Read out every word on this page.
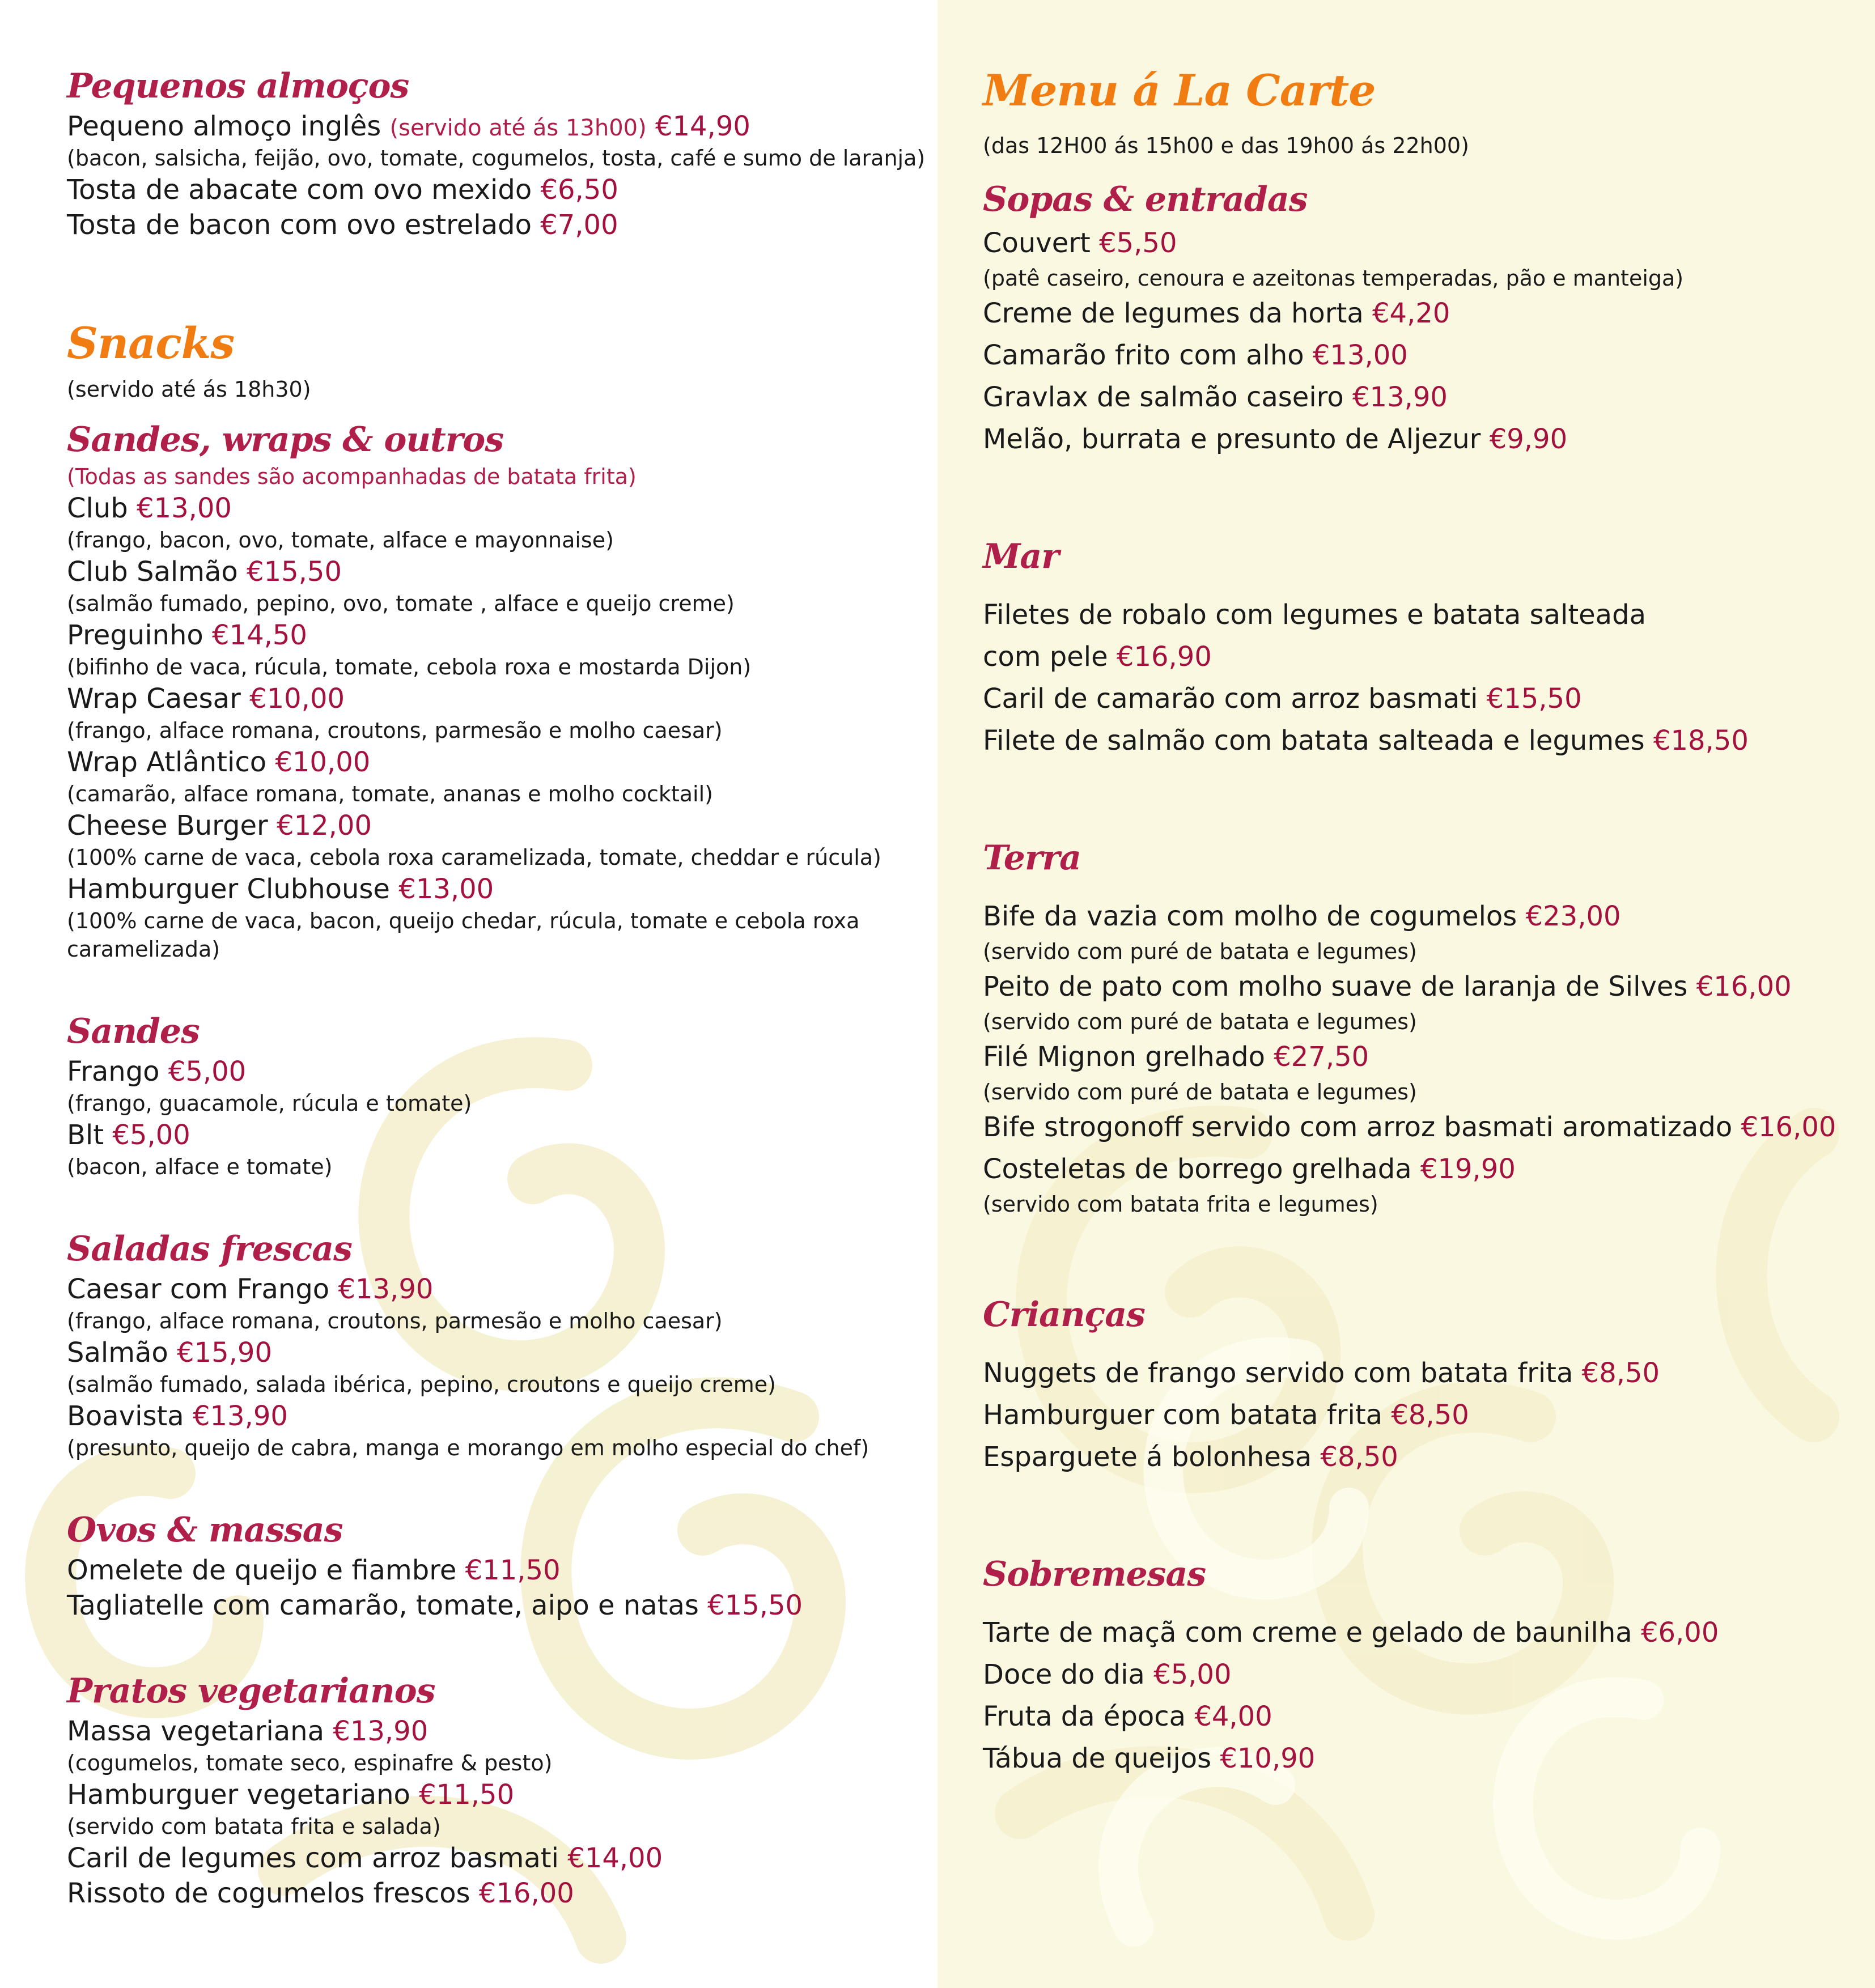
Pequenos almoços
Pequeno almoço inglês (servido até ás 13h00) €14,90
(bacon, salsicha, feijão, ovo, tomate, cogumelos, tosta, café e sumo de laranja)
Tosta de abacate com ovo mexido €6,50
Tosta de bacon com ovo estrelado €7,00
Snacks
(servido até ás 18h30)
Sandes, wraps & outros
(Todas as sandes são acompanhadas de batata frita)
Club €13,00
(frango, bacon, ovo, tomate, alface e mayonnaise)
Club Salmão €15,50
(salmão fumado, pepino, ovo, tomate , alface e queijo creme)
Preguinho €14,50
(bifinho de vaca, rúcula, tomate, cebola roxa e mostarda Dijon)
Wrap Caesar €10,00
(frango, alface romana, croutons, parmesão e molho caesar)
Wrap Atlântico €10,00
(camarão, alface romana, tomate, ananas e molho cocktail)
Cheese Burger €12,00
(100% carne de vaca, cebola roxa caramelizada, tomate, cheddar e rúcula)
Hamburguer Clubhouse €13,00
(100% carne de vaca, bacon, queijo chedar, rúcula, tomate e cebola roxa caramelizada)
Sandes
Frango €5,00
(frango, guacamole, rúcula e tomate)
Blt €5,00
(bacon, alface e tomate)
Saladas frescas
Caesar com Frango €13,90
(frango, alface romana, croutons, parmesão e molho caesar)
Salmão €15,90
(salmão fumado, salada ibérica, pepino, croutons e queijo creme)
Boavista €13,90
(presunto, queijo de cabra, manga e morango em molho especial do chef)
Ovos & massas
Omelete de queijo e fiambre €11,50
Tagliatelle com camarão, tomate, aipo e natas €15,50
Pratos vegetarianos
Massa vegetariana €13,90
(cogumelos, tomate seco, espinafre & pesto)
Hamburguer vegetariano €11,50
(servido com batata frita e salada)
Caril de legumes com arroz basmati €14,00
Rissoto de cogumelos frescos €16,00
Menu á La Carte
(das 12H00 ás 15h00 e das 19h00 ás 22h00)
Sopas & entradas
Couvert €5,50
(patê caseiro, cenoura e azeitonas temperadas, pão e manteiga)
Creme de legumes da horta €4,20
Camarão frito com alho €13,00
Gravlax de salmão caseiro €13,90
Melão, burrata e presunto de Aljezur €9,90
Mar
Filetes de robalo com legumes e batata salteada
com pele €16,90
Caril de camarão com arroz basmati €15,50
Filete de salmão com batata salteada e legumes €18,50
Terra
Bife da vazia com molho de cogumelos €23,00
(servido com puré de batata e legumes)
Peito de pato com molho suave de laranja de Silves €16,00
(servido com puré de batata e legumes)
Filé Mignon grelhado €27,50
(servido com puré de batata e legumes)
Bife strogonoff servido com arroz basmati aromatizado €16,00
Costeletas de borrego grelhada €19,90
(servido com batata frita e legumes)
Crianças
Nuggets de frango servido com batata frita €8,50
Hamburguer com batata frita €8,50
Esparguete á bolonhesa €8,50
Sobremesas
Tarte de maçã com creme e gelado de baunilha €6,00
Doce do dia €5,00
Fruta da época €4,00
Tábua de queijos €10,90
